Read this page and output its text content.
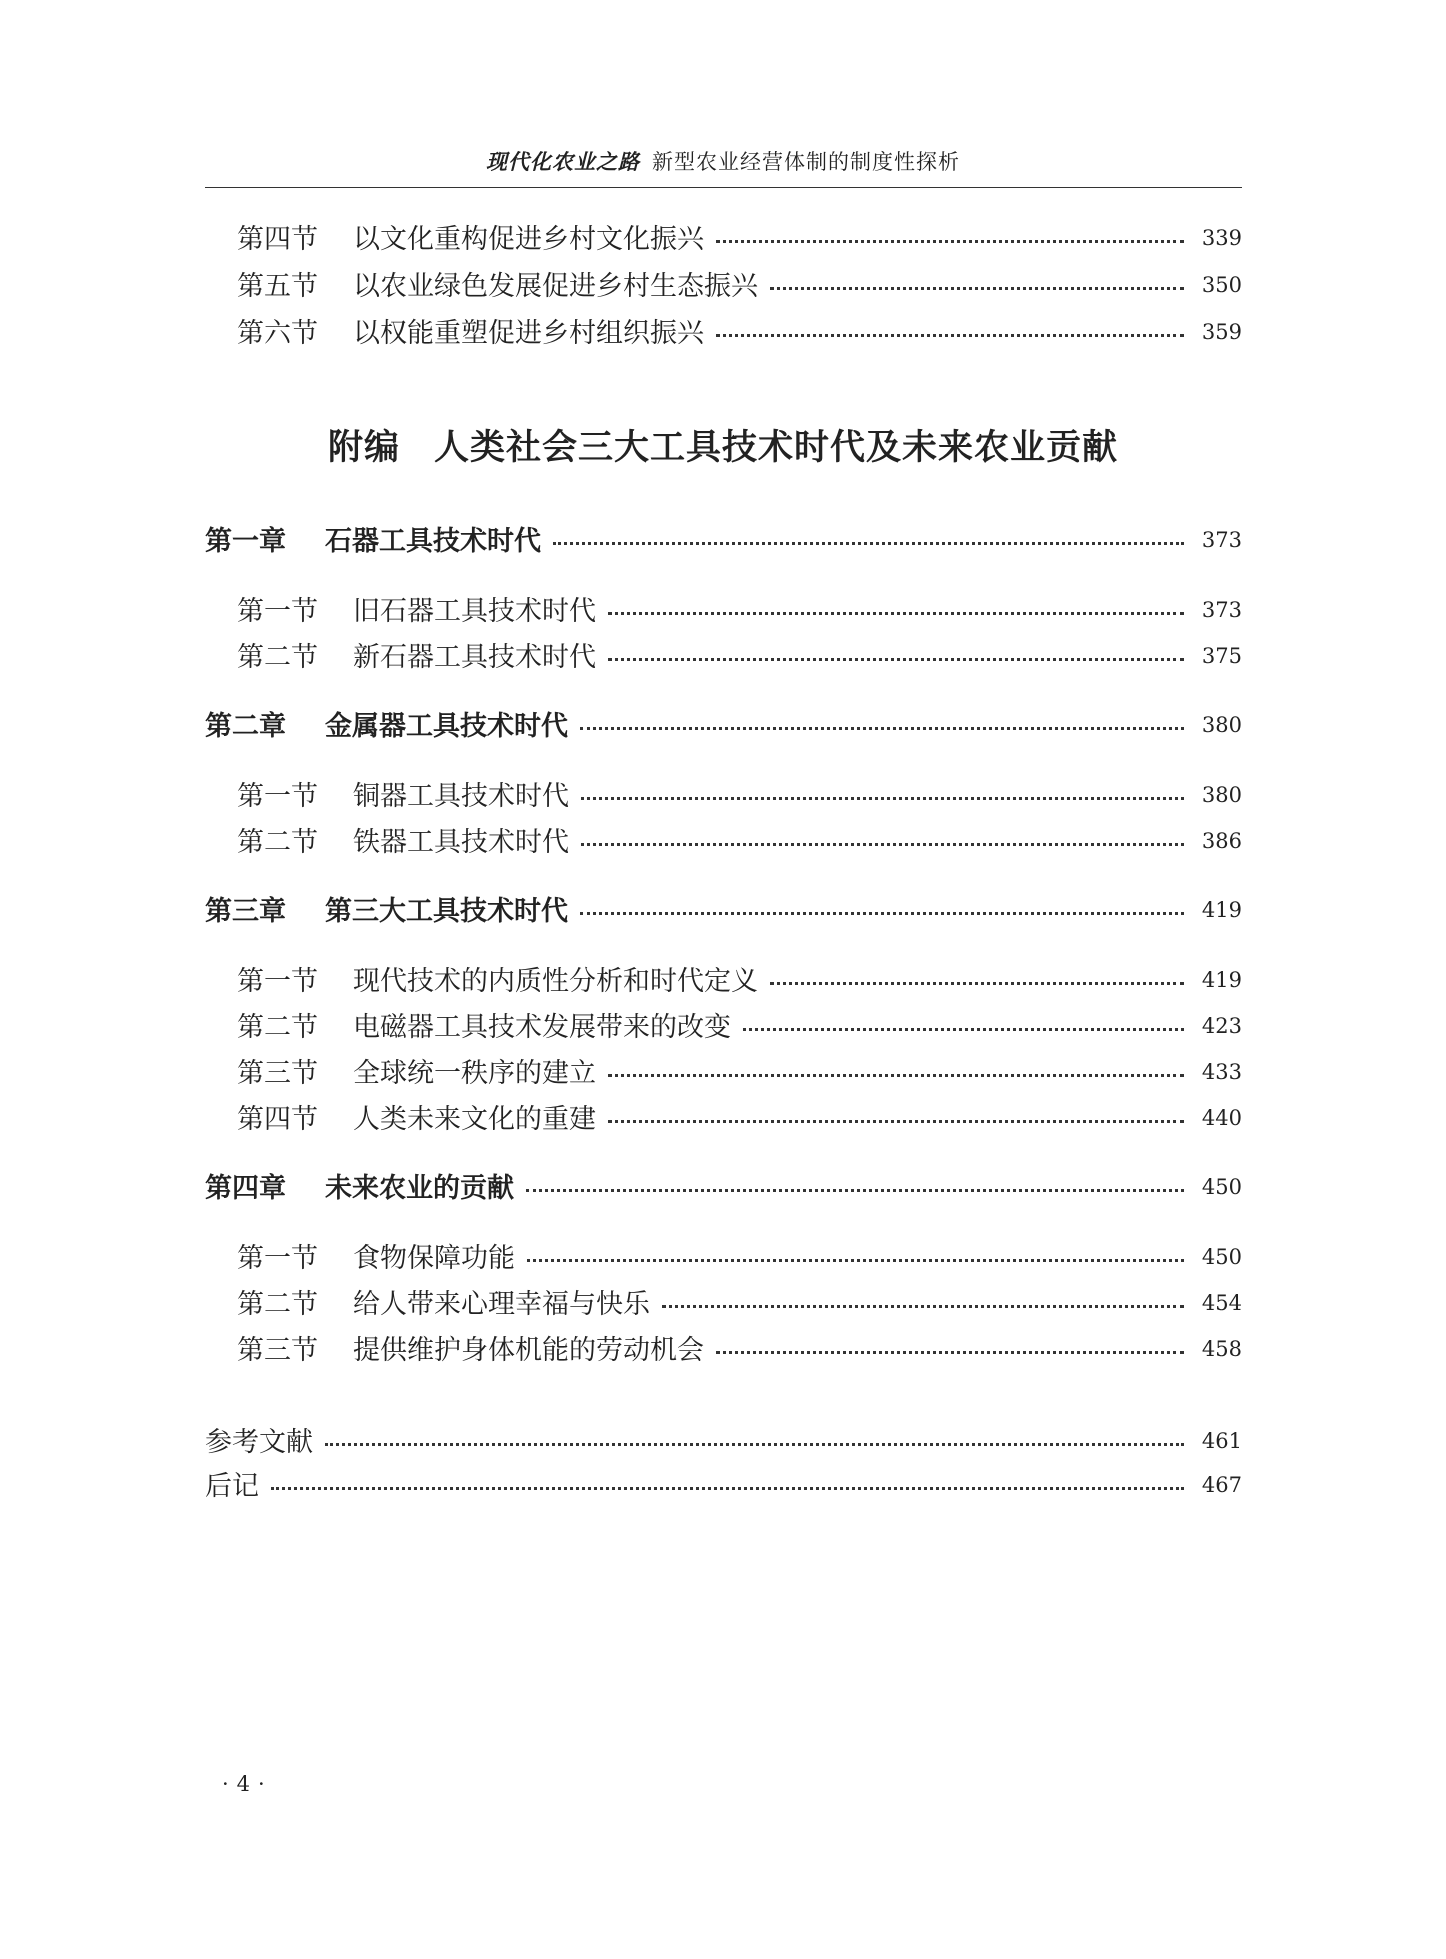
现代化农业之路 新型农业经营体制的制度性探析
第四节	以文化重构促进乡村文化振兴	339
第五节	以农业绿色发展促进乡村生态振兴	350
第六节	以权能重塑促进乡村组织振兴	359
附编 人类社会三大工具技术时代及未来农业贡献
第一章	石器工具技术时代	373
第一节	旧石器工具技术时代	373
第二节	新石器工具技术时代	375
第二章	金属器工具技术时代	380
第一节	铜器工具技术时代	380
第二节	铁器工具技术时代	386
第三章	第三大工具技术时代	419
第一节	现代技术的内质性分析和时代定义	419
第二节	电磁器工具技术发展带来的改变	423
第三节	全球统一秩序的建立	433
第四节	人类未来文化的重建	440
第四章	未来农业的贡献	450
第一节	食物保障功能	450
第二节	给人带来心理幸福与快乐	454
第三节	提供维护身体机能的劳动机会	458
参考文献	461
后记	467
·4·
